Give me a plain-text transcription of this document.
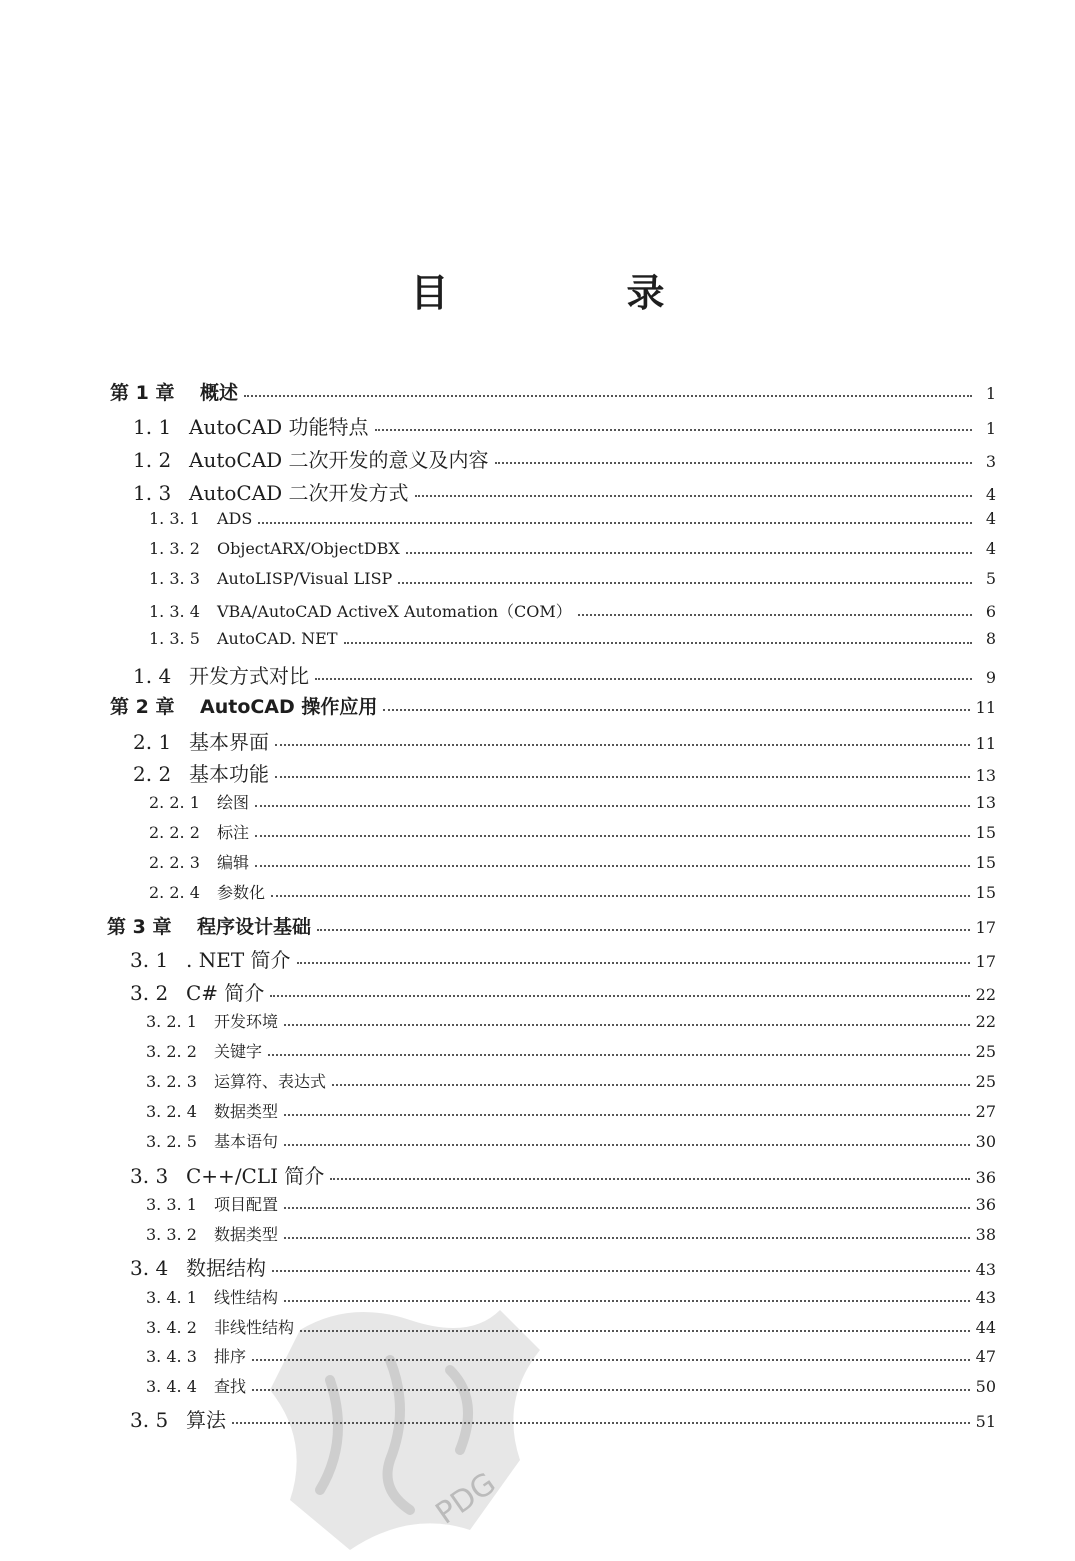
目　录
第 1 章	概述	1
1. 1 AutoCAD 功能特点	1
1. 2 AutoCAD 二次开发的意义及内容	3
1. 3 AutoCAD 二次开发方式	4
1. 3. 1	ADS	4
1. 3. 2	ObjectARX/ObjectDBX	4
1. 3. 3	AutoLISP/Visual LISP	5
1. 3. 4	VBA/AutoCAD ActiveX Automation（COM）	6
1. 3. 5	AutoCAD. NET	8
1. 4 开发方式对比	9
第 2 章	AutoCAD 操作应用	11
2. 1 基本界面	11
2. 2 基本功能	13
2. 2. 1	绘图	13
2. 2. 2	标注	15
2. 2. 3	编辑	15
2. 2. 4	参数化	15
第 3 章	程序设计基础	17
3. 1 . NET 简介	17
3. 2 C# 简介	22
3. 2. 1	开发环境	22
3. 2. 2	关键字	25
3. 2. 3	运算符、表达式	25
3. 2. 4	数据类型	27
3. 2. 5	基本语句	30
3. 3 C++/CLI 简介	36
3. 3. 1	项目配置	36
3. 3. 2	数据类型	38
3. 4 数据结构	43
3. 4. 1	线性结构	43
3. 4. 2	非线性结构	44
3. 4. 3	排序	47
3. 4. 4	查找	50
3. 5 算法	51
PDG
